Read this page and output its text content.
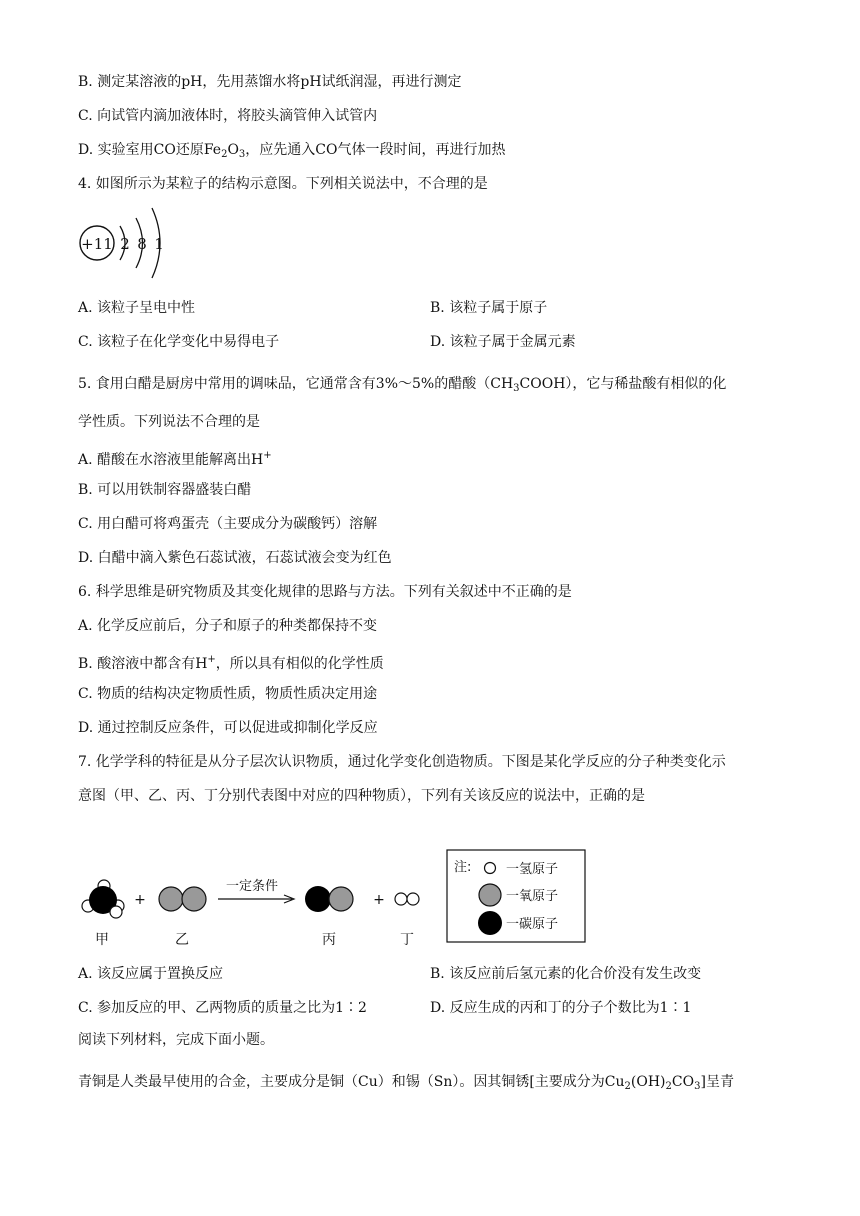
B. 测定某溶液的pH，先用蒸馏水将pH试纸润湿，再进行测定
C. 向试管内滴加液体时，将胶头滴管伸入试管内
D. 实验室用CO还原$Fe_2O_3$，应先通入CO气体一段时间，再进行加热
4. 如图所示为某粒子的结构示意图。下列相关说法中，不合理的是
+11 2 8 1
A. 该粒子呈电中性	B. 该粒子属于原子
C. 该粒子在化学变化中易得电子	D. 该粒子属于金属元素
5. 食用白醋是厨房中常用的调味品，它通常含有3%～5%的醋酸$(CH_3COOH)$，它与稀盐酸有相似的化
学性质。下列说法不合理的是
A. 醋酸在水溶液里能解离出H+
B. 可以用铁制容器盛装白醋
C. 用白醋可将鸡蛋壳（主要成分为碳酸钙）溶解
D. 白醋中滴入紫色石蕊试液，石蕊试液会变为红色
6. 科学思维是研究物质及其变化规律的思路与方法。下列有关叙述中不正确的是
A. 化学反应前后，分子和原子的种类都保持不变
B. 酸溶液中都含有H+，所以具有相似的化学性质
C. 物质的结构决定物质性质，物质性质决定用途
D. 通过控制反应条件，可以促进或抑制化学反应
7. 化学学科的特征是从分子层次认识物质，通过化学变化创造物质。下图是某化学反应的分子种类变化示
意图（甲、乙、丙、丁分别代表图中对应的四种物质），下列有关该反应的说法中，正确的是
+
一定条件
+
甲	乙	丙	丁
注:	一氢原子
一氧原子
一碳原子
A. 该反应属于置换反应	B. 该反应前后氢元素的化合价没有发生改变
C. 参加反应的甲、乙两物质的质量之比为1∶2	D. 反应生成的丙和丁的分子个数比为1∶1
阅读下列材料，完成下面小题。
青铜是人类最早使用的合金，主要成分是铜（Cu）和锡（Sn）。因其铜锈[主要成分为$Cu_2(OH)_2CO_3$]呈青
